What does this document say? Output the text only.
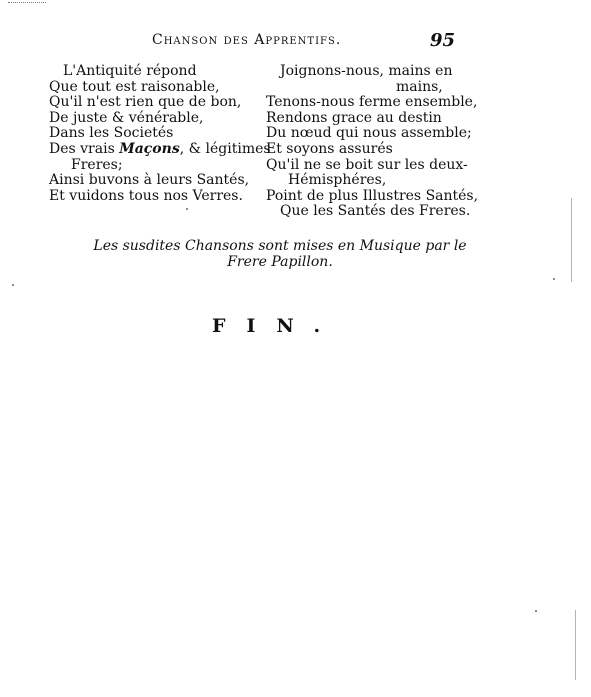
Chanson des Apprentifs.	95
L'Antiquité répond
Que tout est raisonable,
Qu'il n'est rien que de bon,
De juste & vénérable,
Dans les Societés
Des vrais Maçons, & légitimes
Freres;
Ainsi buvons à leurs Santés,
Et vuidons tous nos Verres.
Joignons-nous, mains en
mains,
Tenons-nous ferme ensemble,
Rendons grace au destin
Du nœud qui nous assemble;
Et soyons assurés
Qu'il ne se boit sur les deux-
Hémisphéres,
Point de plus Illustres Santés,
Que les Santés des Freres.
Les susdites Chansons sont mises en Musique par le
Frere Papillon.
FIN.
